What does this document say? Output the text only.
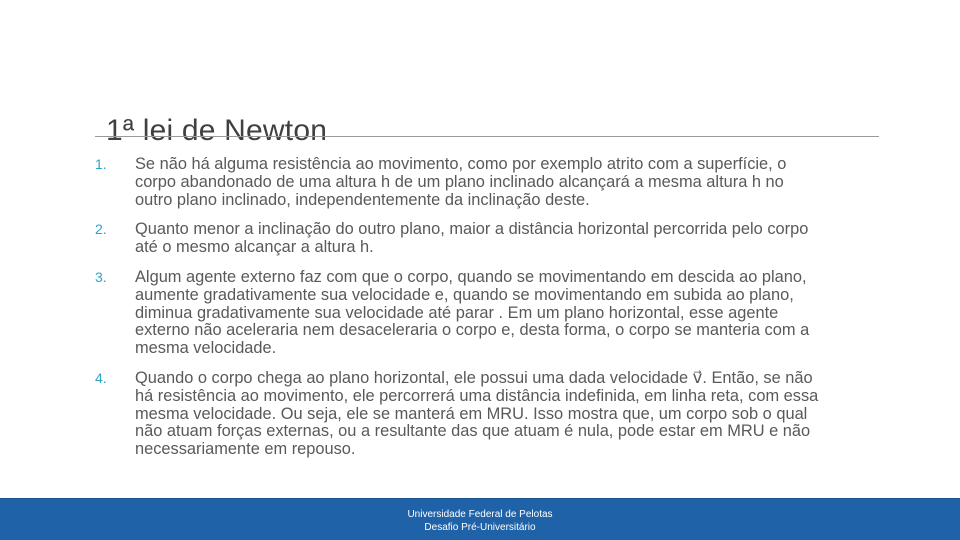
1ª lei de Newton
1.	Se não há alguma resistência ao movimento, como por exemplo atrito com a superfície, o
corpo abandonado de uma altura h de um plano inclinado alcançará a mesma altura h no
outro plano inclinado, independentemente da inclinação deste.
2.	Quanto menor a inclinação do outro plano, maior a distância horizontal percorrida pelo corpo
até o mesmo alcançar a altura h.
3.	Algum agente externo faz com que o corpo, quando se movimentando em descida ao plano,
aumente gradativamente sua velocidade e, quando se movimentando em subida ao plano,
diminua gradativamente sua velocidade até parar . Em um plano horizontal, esse agente
externo não aceleraria nem desaceleraria o corpo e, desta forma, o corpo se manteria com a
mesma velocidade.
4.	Quando o corpo chega ao plano horizontal, ele possui uma dada velocidade v⃗. Então, se não
há resistência ao movimento, ele percorrerá uma distância indefinida, em linha reta, com essa
mesma velocidade. Ou seja, ele se manterá em MRU. Isso mostra que, um corpo sob o qual
não atuam forças externas, ou a resultante das que atuam é nula, pode estar em MRU e não
necessariamente em repouso.
Universidade Federal de Pelotas
Desafio Pré-Universitário
